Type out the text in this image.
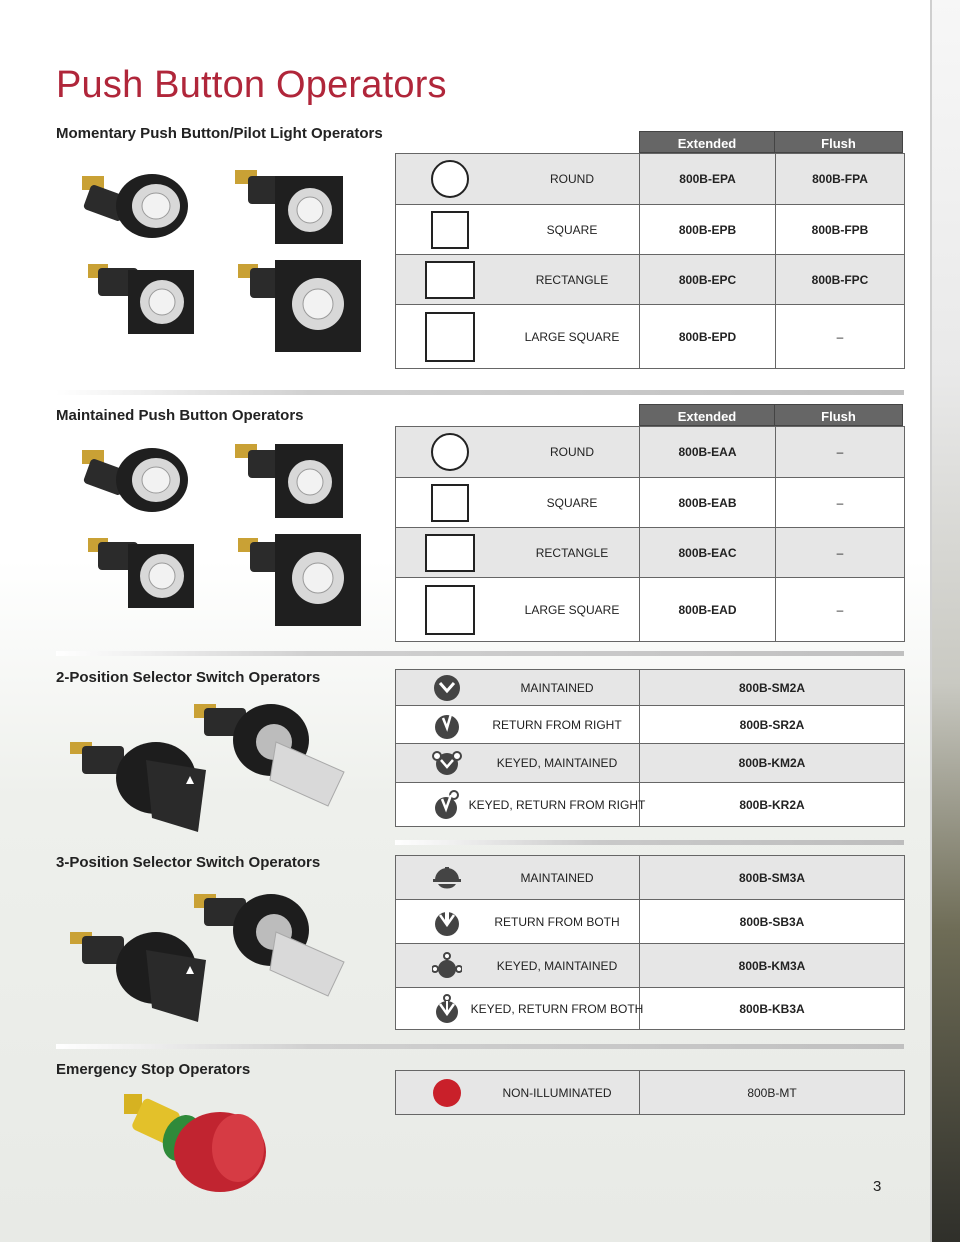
Push Button Operators
Momentary Push Button/Pilot Light Operators
Extended	Flush
ROUND	800B-EPA	800B-FPA

SQUARE	800B-EPB	800B-FPB

RECTANGLE	800B-EPC	800B-FPC

LARGE SQUARE	800B-EPD	–
Maintained Push Button Operators	Extended	Flush
ROUND	800B-EAA	–

SQUARE	800B-EAB	–

RECTANGLE	800B-EAC	–

LARGE SQUARE	800B-EAD	–
2-Position Selector Switch Operators
MAINTAINED	800B-SM2A

RETURN FROM RIGHT	800B-SR2A

KEYED, MAINTAINED	800B-KM2A

KEYED, RETURN FROM RIGHT	800B-KR2A
3-Position Selector Switch Operators
MAINTAINED	800B-SM3A

RETURN FROM BOTH	800B-SB3A

KEYED, MAINTAINED	800B-KM3A

KEYED, RETURN FROM BOTH	800B-KB3A
Emergency Stop Operators
NON-ILLUMINATED	800B-MT
3
